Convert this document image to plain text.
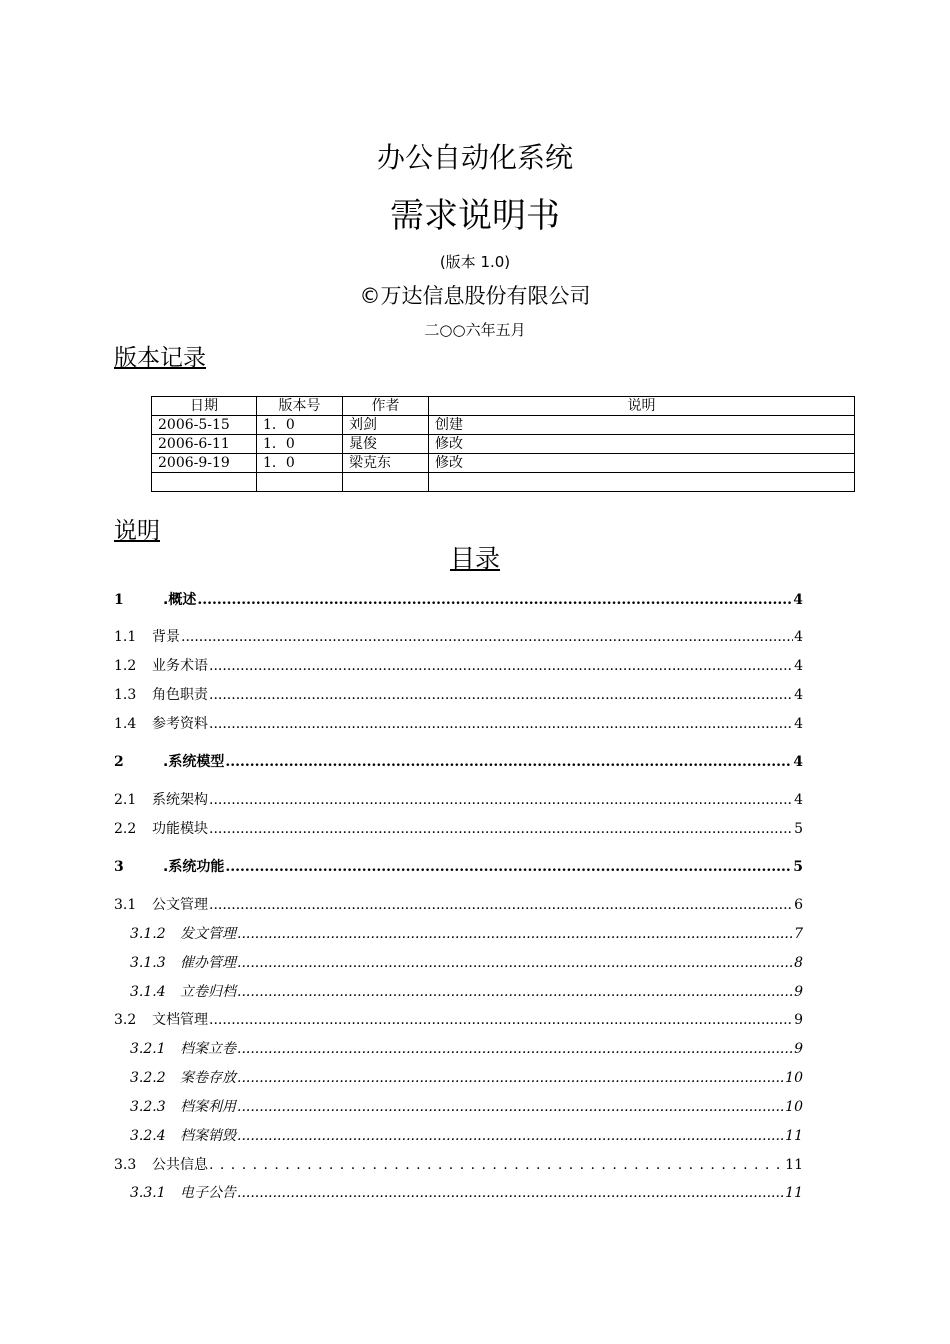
办公自动化系统
需求说明书
(版本 1.0)
©万达信息股份有限公司
二○○六年五月
版本记录
日期	版本号	作者	说明
2006-5-15	1．0	刘剑	创建
2006-6-11	1．0	晁俊	修改
2006-9-19	1．0	梁克东	修改

说明
目录
1	.概述 .....	4
1.1	背景 .....	4
1.2	业务术语 .....	4
1.3	角色职责 .....	4
1.4	参考资料 .....	4
2	.系统模型 .....	4
2.1	系统架构 .....	4
2.2	功能模块 .....	5
3	.系统功能 .....	5
3.1	公文管理 .....	6
3.1.2	发文管理 .....	7
3.1.3	催办管理 .....	8
3.1.4	立卷归档 .....	9
3.2	文档管理 .....	9
3.2.1	档案立卷 .....	9
3.2.2	案卷存放 .....	10
3.2.3	档案利用 .....	10
3.2.4	档案销毁 .....	11
3.3	公共信息 . . .	11
3.3.1	电子公告 .....	11
